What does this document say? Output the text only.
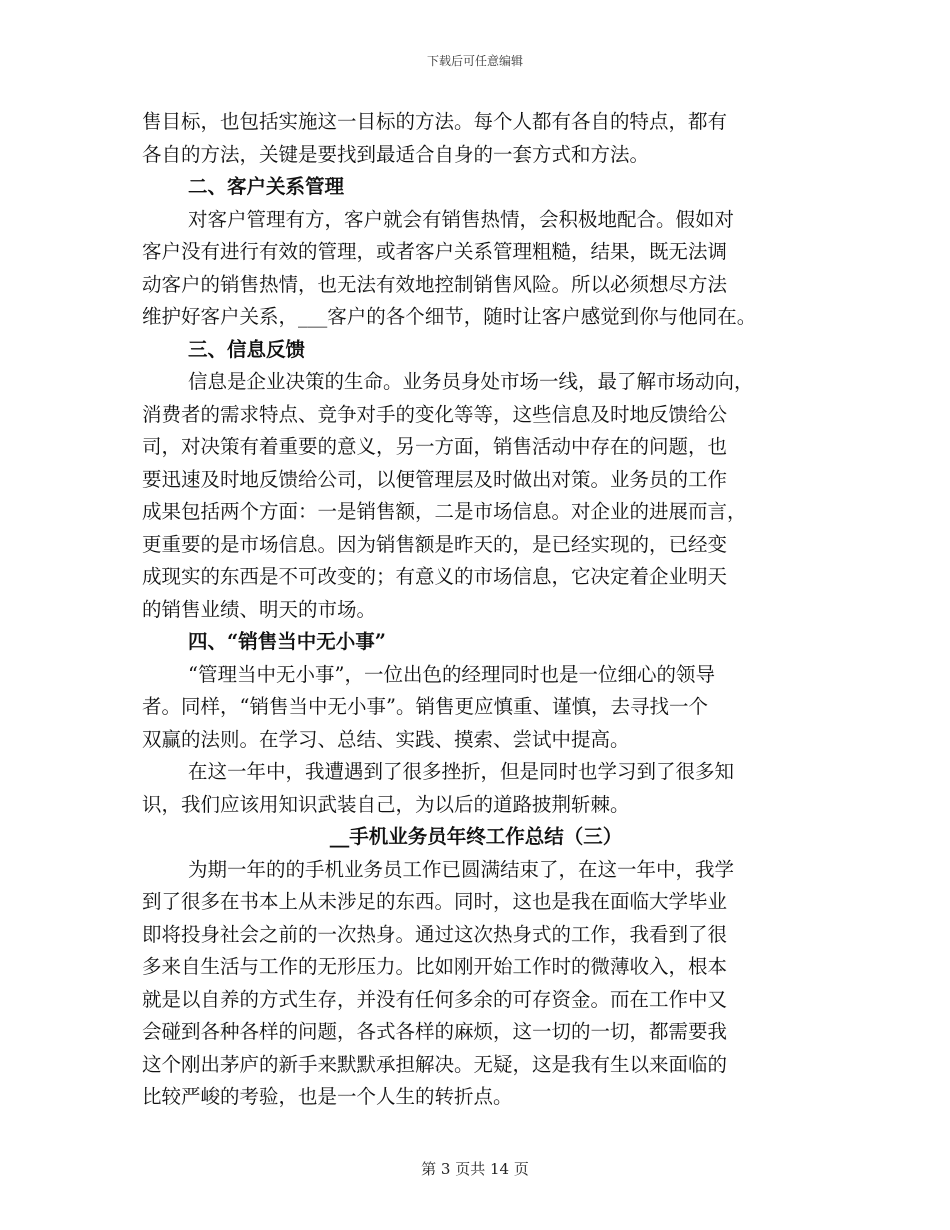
下载后可任意编辑
售目标，也包括实施这一目标的方法。每个人都有各自的特点，都有
各自的方法，关键是要找到最适合自身的一套方式和方法。
二、客户关系管理
对客户管理有方，客户就会有销售热情，会积极地配合。假如对
客户没有进行有效的管理，或者客户关系管理粗糙，结果，既无法调
动客户的销售热情，也无法有效地控制销售风险。所以必须想尽方法
维护好客户关系，___客户的各个细节，随时让客户感觉到你与他同在。
三、信息反馈
信息是企业决策的生命。业务员身处市场一线，最了解市场动向，
消费者的需求特点、竞争对手的变化等等，这些信息及时地反馈给公
司，对决策有着重要的意义，另一方面，销售活动中存在的问题，也
要迅速及时地反馈给公司，以便管理层及时做出对策。业务员的工作
成果包括两个方面：一是销售额，二是市场信息。对企业的进展而言，
更重要的是市场信息。因为销售额是昨天的，是已经实现的，已经变
成现实的东西是不可改变的；有意义的市场信息，它决定着企业明天
的销售业绩、明天的市场。
四、“销售当中无小事”
“管理当中无小事”，一位出色的经理同时也是一位细心的领导
者。同样，“销售当中无小事”。销售更应慎重、谨慎，去寻找一个
双赢的法则。在学习、总结、实践、摸索、尝试中提高。
在这一年中，我遭遇到了很多挫折，但是同时也学习到了很多知
识，我们应该用知识武装自己，为以后的道路披荆斩棘。
__手机业务员年终工作总结（三）
为期一年的的手机业务员工作已圆满结束了，在这一年中，我学
到了很多在书本上从未涉足的东西。同时，这也是我在面临大学毕业
即将投身社会之前的一次热身。通过这次热身式的工作，我看到了很
多来自生活与工作的无形压力。比如刚开始工作时的微薄收入，根本
就是以自养的方式生存，并没有任何多余的可存资金。而在工作中又
会碰到各种各样的问题，各式各样的麻烦，这一切的一切，都需要我
这个刚出茅庐的新手来默默承担解决。无疑，这是我有生以来面临的
比较严峻的考验，也是一个人生的转折点。
第 3 页共 14 页
